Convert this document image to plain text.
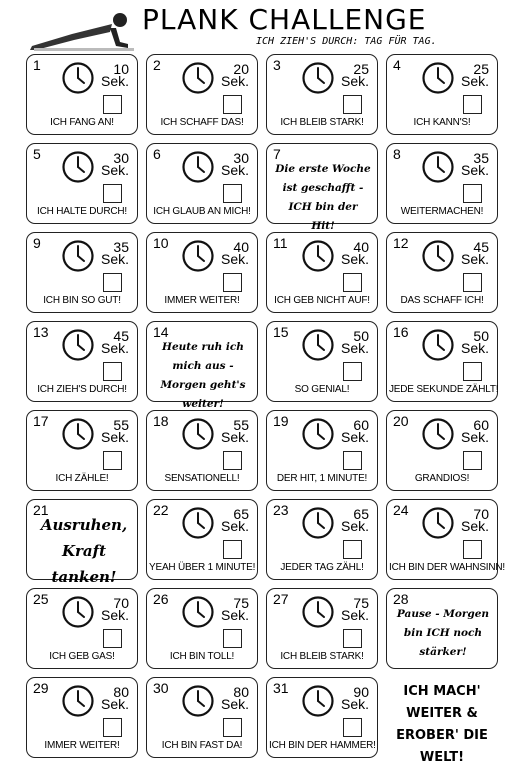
PLANK CHALLENGE
ICH ZIEH'S DURCH: TAG FÜR TAG.
1	10
Sek.
ICH FANG AN!
2	20
Sek.
ICH SCHAFF DAS!
3	25
Sek.
ICH BLEIB STARK!
4	25
Sek.
ICH KANN'S!
5	30
Sek.
ICH HALTE DURCH!
6	30
Sek.
ICH GLAUB AN MICH!
7
Die erste Woche ist geschafft - ICH bin der Hit!
8	35
Sek.
WEITERMACHEN!
9	35
Sek.
ICH BIN SO GUT!
10	40
Sek.
IMMER WEITER!
11	40
Sek.
ICH GEB NICHT AUF!
12	45
Sek.
DAS SCHAFF ICH!
13	45
Sek.
ICH ZIEH'S DURCH!
14
Heute ruh ich mich aus - Morgen geht's weiter!
15	50
Sek.
SO GENIAL!
16	50
Sek.
JEDE SEKUNDE ZÄHLT!
17	55
Sek.
ICH ZÄHLE!
18	55
Sek.
SENSATIONELL!
19	60
Sek.
DER HIT, 1 MINUTE!
20	60
Sek.
GRANDIOS!
21
Ausruhen, Kraft tanken!
22	65
Sek.
YEAH ÜBER 1 MINUTE!
23	65
Sek.
JEDER TAG ZÄHL!
24	70
Sek.
ICH BIN DER WAHNSINN!
25	70
Sek.
ICH GEB GAS!
26	75
Sek.
ICH BIN TOLL!
27	75
Sek.
ICH BLEIB STARK!
28
Pause - Morgen bin ICH noch stärker!
29	80
Sek.
IMMER WEITER!
30	80
Sek.
ICH BIN FAST DA!
31	90
Sek.
ICH BIN DER HAMMER!
ICH MACH' WEITER & EROBER' DIE WELT!
